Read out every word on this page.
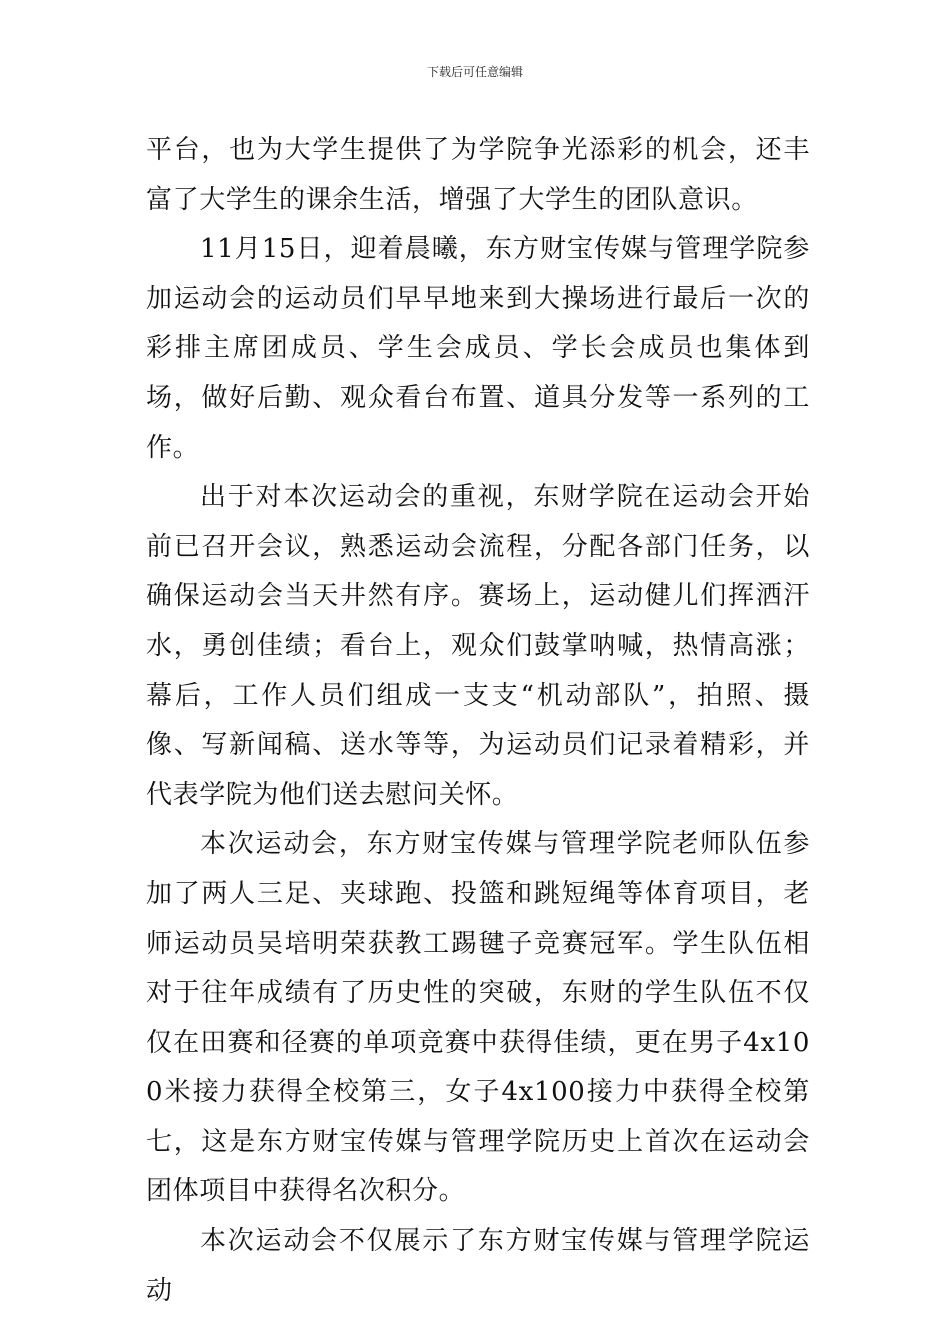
下载后可任意编辑

平台，也为大学生提供了为学院争光添彩的机会，还丰富了大学生的课余生活，增强了大学生的团队意识。

11月15日，迎着晨曦，东方财宝传媒与管理学院参加运动会的运动员们早早地来到大操场进行最后一次的彩排主席团成员、学生会成员、学长会成员也集体到场，做好后勤、观众看台布置、道具分发等一系列的工作。

出于对本次运动会的重视，东财学院在运动会开始前已召开会议，熟悉运动会流程，分配各部门任务，以确保运动会当天井然有序。赛场上，运动健儿们挥洒汗水，勇创佳绩；看台上，观众们鼓掌呐喊，热情高涨；幕后，工作人员们组成一支支“机动部队”，拍照、摄像、写新闻稿、送水等等，为运动员们记录着精彩，并代表学院为他们送去慰问关怀。

本次运动会，东方财宝传媒与管理学院老师队伍参加了两人三足、夹球跑、投篮和跳短绳等体育项目，老师运动员吴培明荣获教工踢毽子竞赛冠军。学生队伍相对于往年成绩有了历史性的突破，东财的学生队伍不仅仅在田赛和径赛的单项竞赛中获得佳绩，更在男子4x100米接力获得全校第三，女子4x100接力中获得全校第七，这是东方财宝传媒与管理学院历史上首次在运动会团体项目中获得名次积分。

本次运动会不仅展示了东方财宝传媒与管理学院运动
